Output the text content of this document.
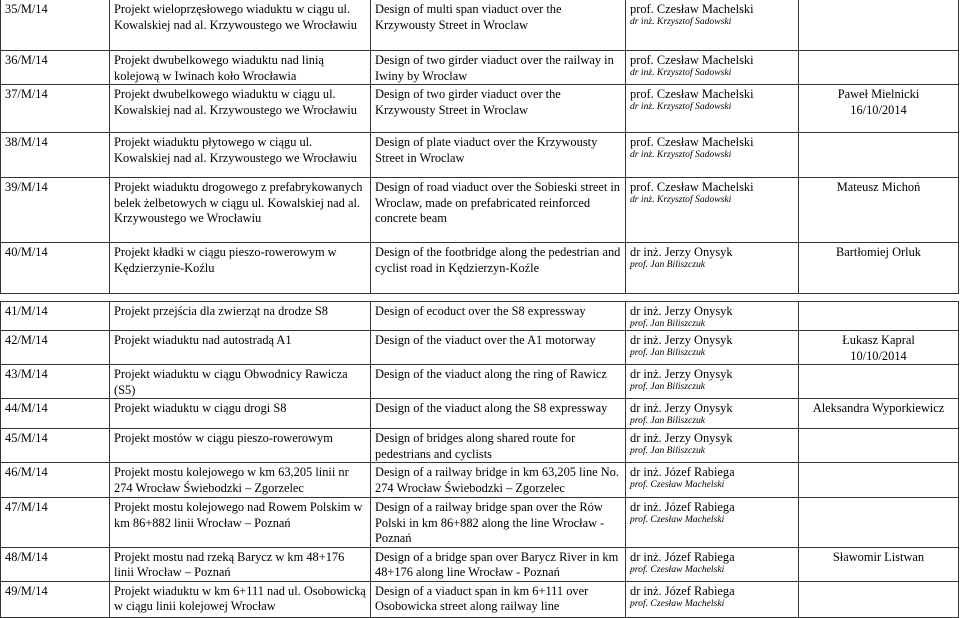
35/M/14	Projekt wieloprzęsłowego wiaduktu w ciągu ul. Kowalskiej nad al. Krzywoustego we Wrocławiu	Design of multi span viaduct over the Krzywousty Street in Wroclaw	prof. Czesław Machelski
dr inż. Krzysztof Sadowski	

36/M/14	Projekt dwubelkowego wiaduktu nad linią kolejową w Iwinach koło Wrocławia	Design of two girder viaduct over the railway in Iwiny by Wroclaw	prof. Czesław Machelski
dr inż. Krzysztof Sadowski	

37/M/14	Projekt dwubelkowego wiaduktu w ciągu ul. Kowalskiej nad al. Krzywoustego we Wrocławiu	Design of two girder viaduct over the Krzywousty Street in Wroclaw	prof. Czesław Machelski
dr inż. Krzysztof Sadowski	Paweł Mielnicki
16/10/2014

38/M/14	Projekt wiaduktu płytowego w ciągu ul. Kowalskiej nad al. Krzywoustego we Wrocławiu	Design of plate viaduct over the Krzywousty Street in Wroclaw	prof. Czesław Machelski
dr inż. Krzysztof Sadowski	

39/M/14	Projekt wiaduktu drogowego z prefabrykowanych belek żelbetowych w ciągu ul. Kowalskiej nad al. Krzywoustego we Wrocławiu	Design of road viaduct over the Sobieski street in Wroclaw, made on prefabricated reinforced concrete beam	prof. Czesław Machelski
dr inż. Krzysztof Sadowski	Mateusz Michoń

40/M/14	Projekt kładki w ciągu pieszo-rowerowym w Kędzierzynie-Koźlu	Design of the footbridge along the pedestrian and cyclist road in Kędzierzyn-Koźle	dr inż. Jerzy Onysyk
prof. Jan Biliszczuk	Bartłomiej Orluk
41/M/14	Projekt przejścia dla zwierząt na drodze S8	Design of ecoduct over the S8 expressway	dr inż. Jerzy Onysyk
prof. Jan Biliszczuk	

42/M/14	Projekt wiaduktu nad autostradą A1	Design of the viaduct over the A1 motorway	dr inż. Jerzy Onysyk
prof. Jan Biliszczuk	Łukasz Kapral
10/10/2014

43/M/14	Projekt wiaduktu w ciągu Obwodnicy Rawicza (S5)	Design of the viaduct along the ring of Rawicz	dr inż. Jerzy Onysyk
prof. Jan Biliszczuk	

44/M/14	Projekt wiaduktu w ciągu drogi S8	Design of the viaduct along the S8 expressway	dr inż. Jerzy Onysyk
prof. Jan Biliszczuk	Aleksandra Wyporkiewicz

45/M/14	Projekt mostów w ciągu pieszo-rowerowym	Design of bridges along shared route for pedestrians and cyclists	dr inż. Jerzy Onysyk
prof. Jan Biliszczuk	

46/M/14	Projekt mostu kolejowego w km 63,205 linii nr 274 Wrocław Świebodzki – Zgorzelec	Design of a railway bridge in km 63,205 line No. 274 Wrocław Świebodzki – Zgorzelec	dr inż. Józef Rabiega
prof. Czesław Machelski	

47/M/14	Projekt mostu kolejowego nad Rowem Polskim w km 86+882 linii Wrocław – Poznań	Design of a railway bridge span over the Rów Polski in km 86+882 along the line Wrocław - Poznań	dr inż. Józef Rabiega
prof. Czesław Machelski	

48/M/14	Projekt mostu nad rzeką Barycz w km 48+176 linii Wrocław – Poznań	Design of a bridge span over Barycz River in km 48+176 along line Wrocław - Poznań	dr inż. Józef Rabiega
prof. Czesław Machelski	Sławomir Listwan

49/M/14	Projekt wiaduktu w km 6+111 nad ul. Osobowicką w ciągu linii kolejowej Wrocław	Design of a viaduct span in km 6+111 over Osobowicka street along railway line	dr inż. Józef Rabiega
prof. Czesław Machelski	
